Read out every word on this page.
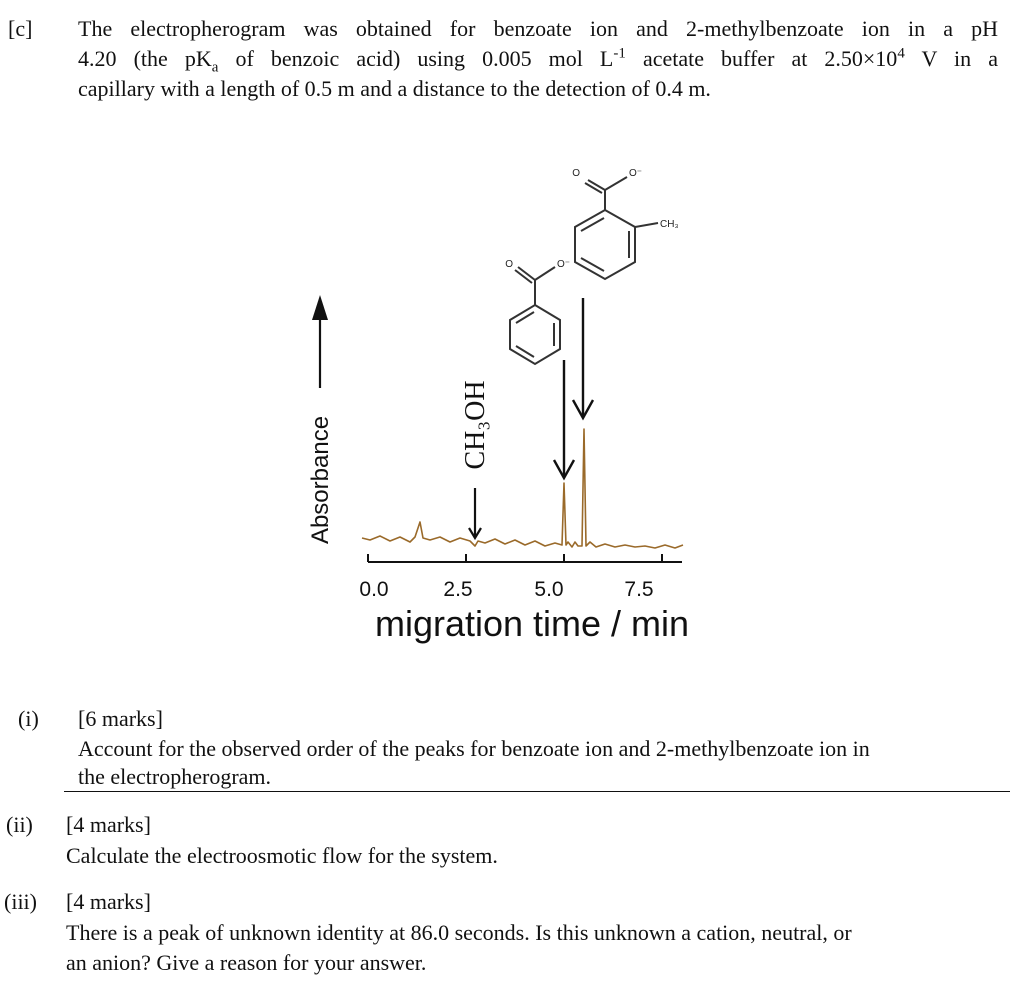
[c] The electropherogram was obtained for benzoate ion and 2-methylbenzoate ion in a pH
4.20 (the $pK_a$ of benzoic acid) using 0.005 mol $L^{-1}$ acetate buffer at $2.50\times 10^4$ V in a
capillary with a length of 0.5 m and a distance to the detection of 0.4 m.
O	O⁻
CH₃
O	O⁻
CH₃OH
Absorbance
0.0	2.5	5.0	7.5
migration time / min
(i) [6 marks]
Account for the observed order of the peaks for benzoate ion and 2-methylbenzoate ion in
the electropherogram.
(ii) [4 marks]
Calculate the electroosmotic flow for the system.
(iii) [4 marks]
There is a peak of unknown identity at 86.0 seconds. Is this unknown a cation, neutral, or
an anion? Give a reason for your answer.
